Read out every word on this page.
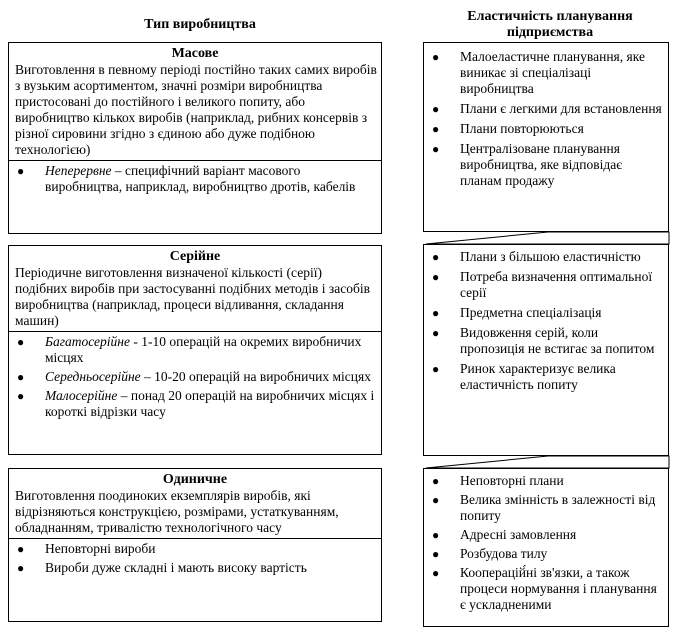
Тип виробництва
Еластичність планування підприємства
Масове
Виготовлення в певному періоді постійно таких самих виробів з вузьким асортиментом, значні розміри виробництва пристосовані до постійного і великого попиту, або виробництво кількох виробів (наприклад, рибних консервів з різної сировини згідно з єдиною або дуже подібною технологією)
● Неперервне – специфічний варіант масового виробництва, наприклад, виробництво дротів, кабелів
● Малоеластичне планування, яке виникає зі спеціалізаці виробництва
● Плани є легкими для встановлення
● Плани повторюються
● Централізоване планування виробництва, яке відповідає планам продажу
Серійне
Періодичне виготовлення визначеної кількості (серії) подібних виробів при застосуванні подібних методів і засобів виробництва (наприклад, процеси відливання, складання машин)
● Багатосерійне - 1-10 операцій на окремих виробничих місцях
● Середньосерійне – 10-20 операцій на виробничих місцях
● Малосерійне – понад 20 операцій на виробничих місцях і короткі відрізки часу
● Плани з більшою еластичністю
● Потреба визначення оптимальної серії
● Предметна спеціалізація
● Видовження серій, коли пропозиція не встигає за попитом
● Ринок характеризує велика еластичність попиту
Одиничне
Виготовлення поодиноких екземплярів виробів, які відрізняються конструкцією, розмірами, устаткуванням, обладнанням, тривалістю технологічного часу
● Неповторні вироби
● Вироби дуже складні і мають високу вартість
● Неповторні плани
● Велика змінність в залежності від попиту
● Адресні замовлення
● Розбудова тилу
● Кооперацій́ні зв'язки, а також процеси нормування і планування є ускладненими
